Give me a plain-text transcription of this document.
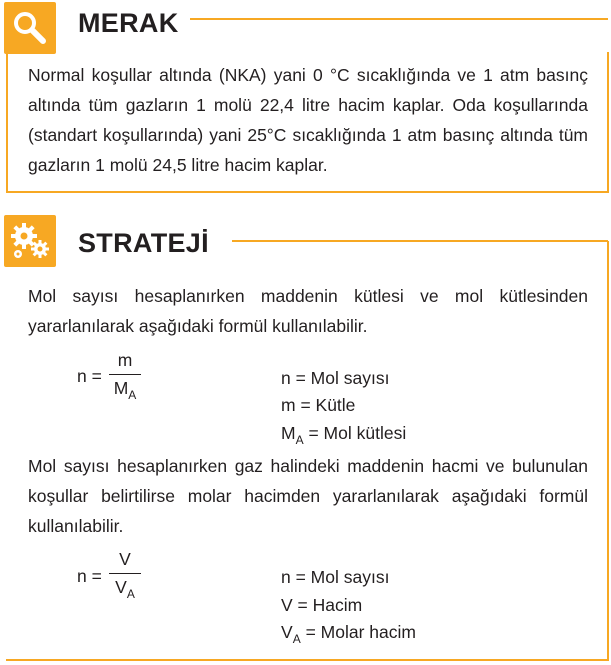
MERAK
Normal koşullar altında (NKA) yani 0 °C sıcaklığında ve 1 atm basınç altında tüm gazların 1 molü 22,4 litre hacim kaplar. Oda koşullarında (standart koşullarında) yani 25°C sıcaklığında 1 atm basınç altında tüm gazların 1 molü 24,5 litre hacim kaplar.
STRATEJİ
Mol sayısı hesaplanırken maddenin kütlesi ve mol kütlesinden yararlanılarak aşağıdaki formül kullanılabilir.
n =
m
$M_A$
n = Mol sayısı
m = Kütle
$M_A$ = Mol kütlesi
Mol sayısı hesaplanırken gaz halindeki maddenin hacmi ve bulunulan koşullar belirtilirse molar hacimden yararlanılarak aşağıdaki formül kullanılabilir.
n =
V
$V_A$
n = Mol sayısı
V = Hacim
$V_A$ = Molar hacim
